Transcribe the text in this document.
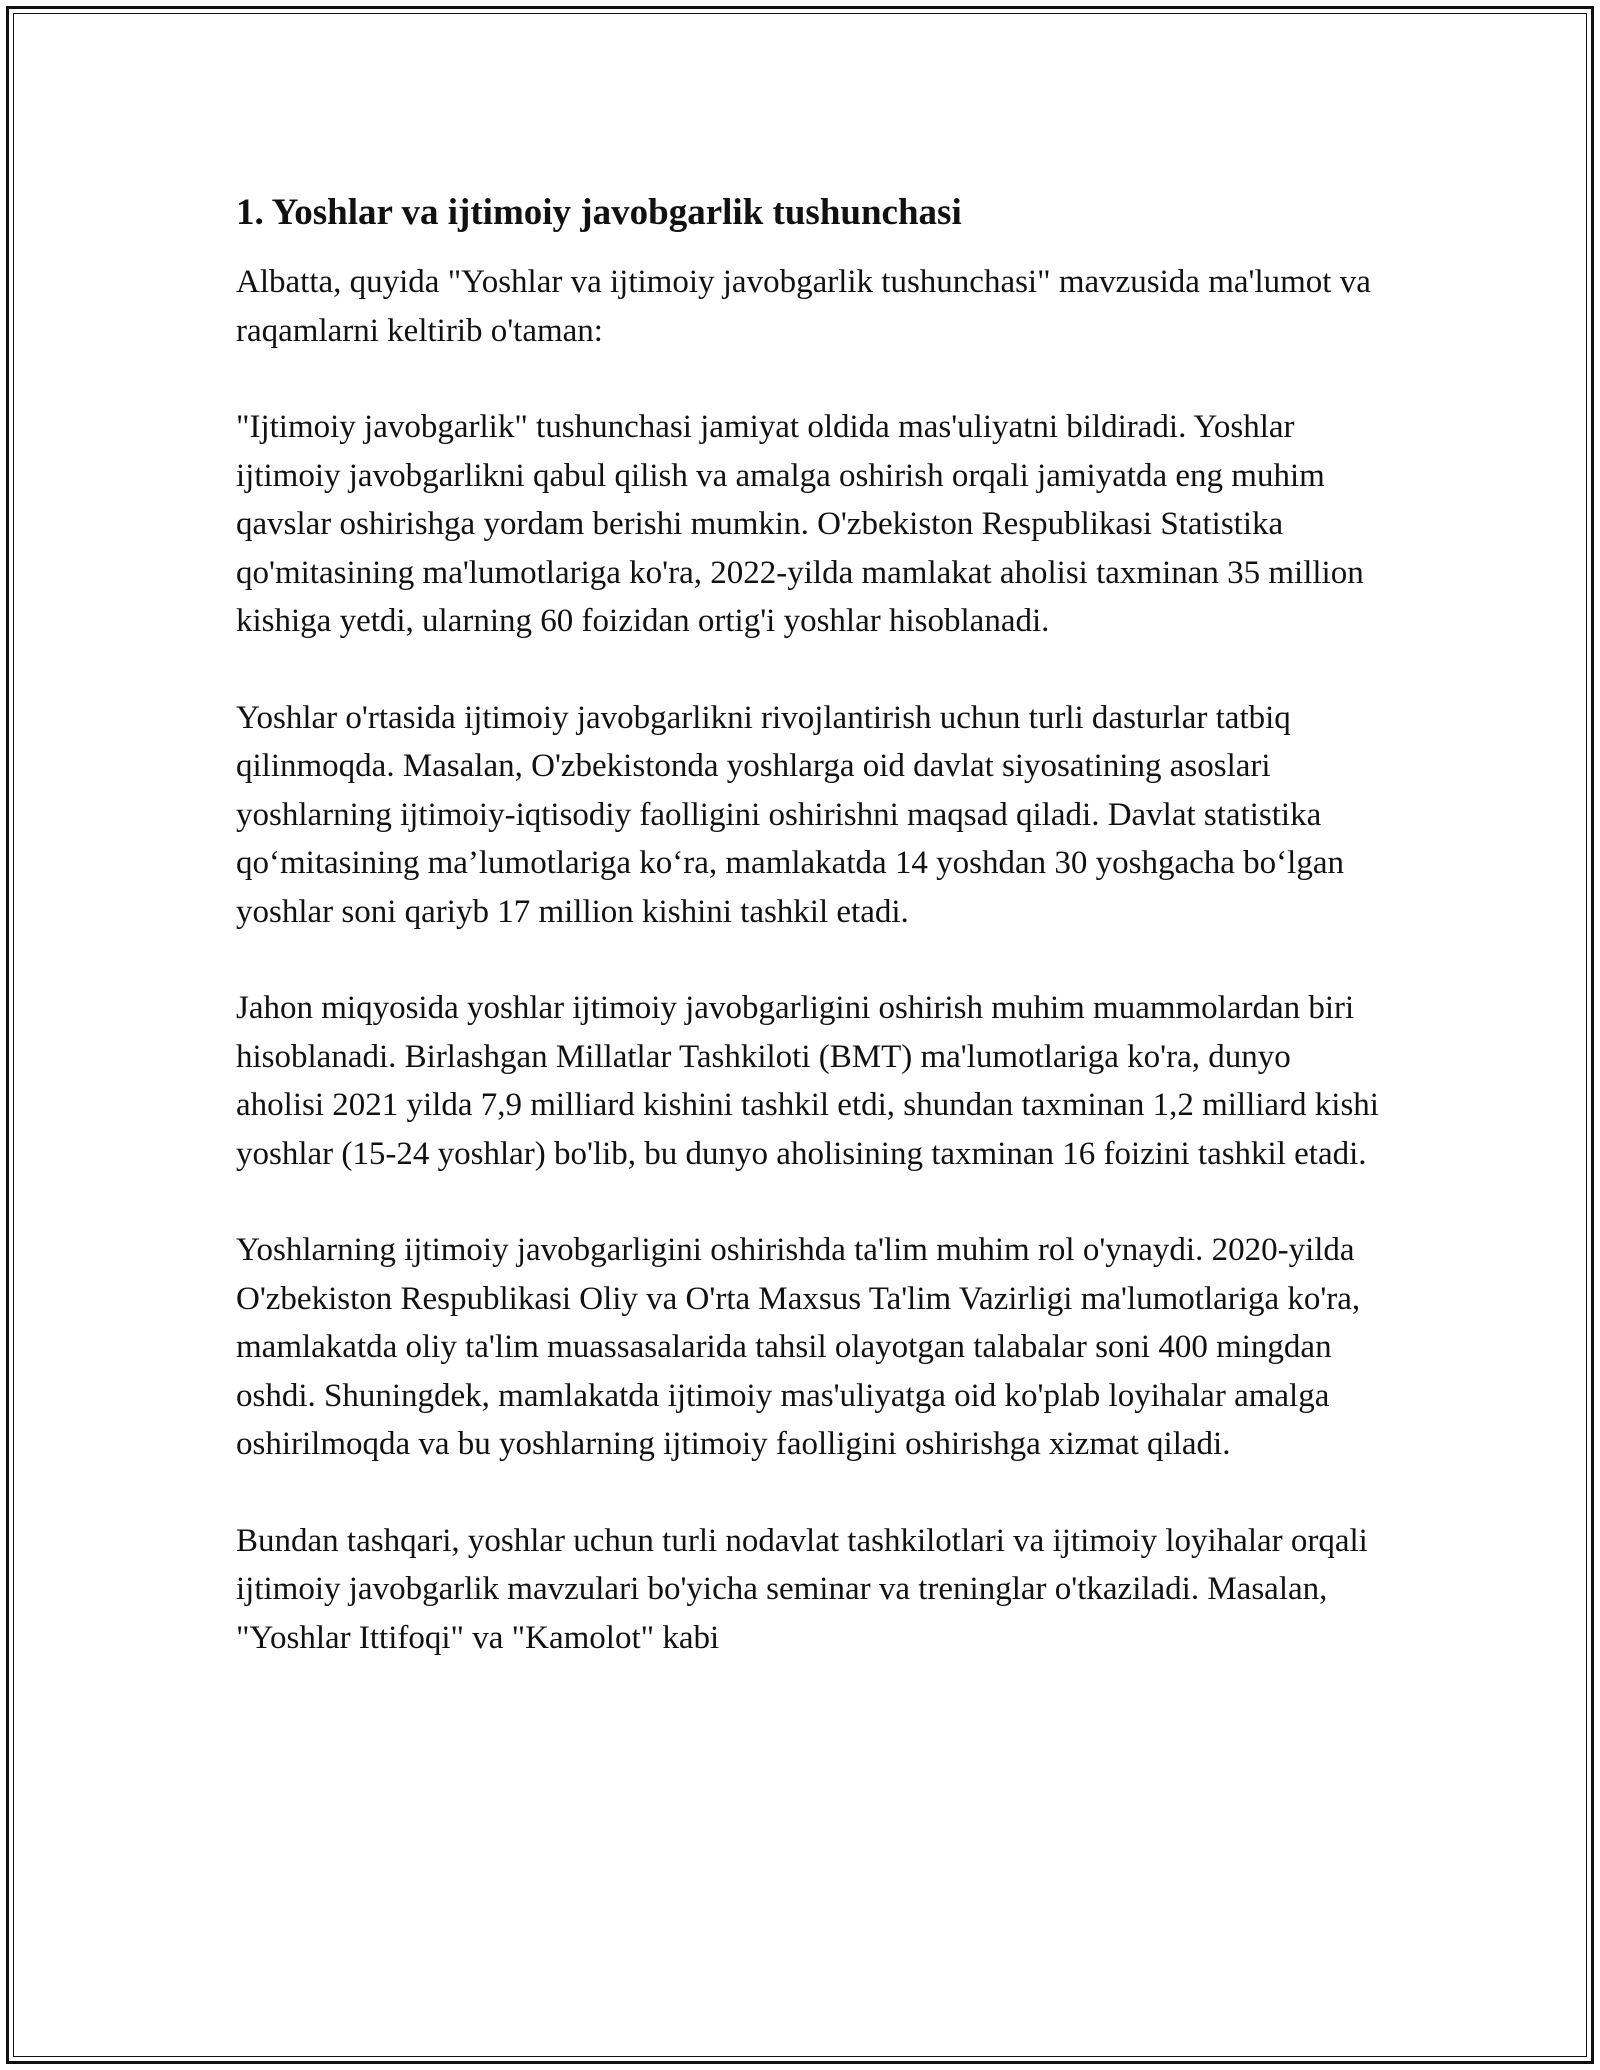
1. Yoshlar va ijtimoiy javobgarlik tushunchasi

Albatta, quyida "Yoshlar va ijtimoiy javobgarlik tushunchasi" mavzusida ma'lumot va raqamlarni keltirib o'taman:

"Ijtimoiy javobgarlik" tushunchasi jamiyat oldida mas'uliyatni bildiradi. Yoshlar ijtimoiy javobgarlikni qabul qilish va amalga oshirish orqali jamiyatda eng muhim qavslar oshirishga yordam berishi mumkin. O'zbekiston Respublikasi Statistika qo'mitasining ma'lumotlariga ko'ra, 2022-yilda mamlakat aholisi taxminan 35 million kishiga yetdi, ularning 60 foizidan ortig'i yoshlar hisoblanadi.

Yoshlar o'rtasida ijtimoiy javobgarlikni rivojlantirish uchun turli dasturlar tatbiq qilinmoqda. Masalan, O'zbekistonda yoshlarga oid davlat siyosatining asoslari yoshlarning ijtimoiy-iqtisodiy faolligini oshirishni maqsad qiladi. Davlat statistika qo‘mitasining ma’lumotlariga ko‘ra, mamlakatda 14 yoshdan 30 yoshgacha bo‘lgan yoshlar soni qariyb 17 million kishini tashkil etadi.

Jahon miqyosida yoshlar ijtimoiy javobgarligini oshirish muhim muammolardan biri hisoblanadi. Birlashgan Millatlar Tashkiloti (BMT) ma'lumotlariga ko'ra, dunyo aholisi 2021 yilda 7,9 milliard kishini tashkil etdi, shundan taxminan 1,2 milliard kishi yoshlar (15-24 yoshlar) bo'lib, bu dunyo aholisining taxminan 16 foizini tashkil etadi.

Yoshlarning ijtimoiy javobgarligini oshirishda ta'lim muhim rol o'ynaydi. 2020-yilda O'zbekiston Respublikasi Oliy va O'rta Maxsus Ta'lim Vazirligi ma'lumotlariga ko'ra, mamlakatda oliy ta'lim muassasalarida tahsil olayotgan talabalar soni 400 mingdan oshdi. Shuningdek, mamlakatda ijtimoiy mas'uliyatga oid ko'plab loyihalar amalga oshirilmoqda va bu yoshlarning ijtimoiy faolligini oshirishga xizmat qiladi.

Bundan tashqari, yoshlar uchun turli nodavlat tashkilotlari va ijtimoiy loyihalar orqali ijtimoiy javobgarlik mavzulari bo'yicha seminar va treninglar o'tkaziladi. Masalan, "Yoshlar Ittifoqi" va "Kamolot" kabi
